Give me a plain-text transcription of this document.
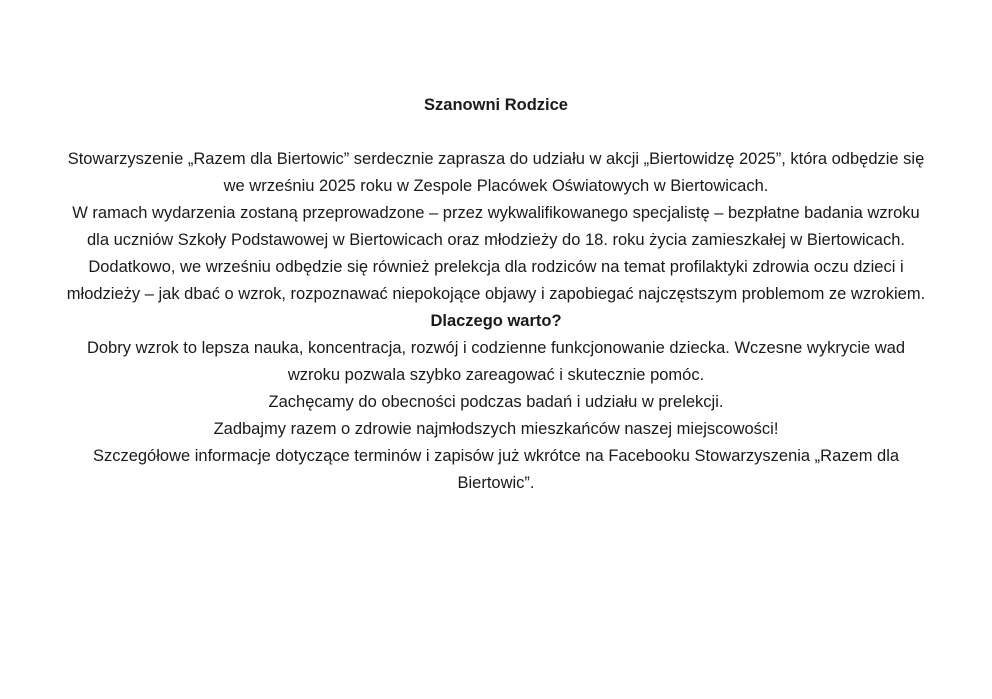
Szanowni Rodzice

Stowarzyszenie „Razem dla Biertowic” serdecznie zaprasza do udziału w akcji „Biertowidzę 2025”, która odbędzie się we wrześniu 2025 roku w Zespole Placówek Oświatowych w Biertowicach.

W ramach wydarzenia zostaną przeprowadzone – przez wykwalifikowanego specjalistę – bezpłatne badania wzroku dla uczniów Szkoły Podstawowej w Biertowicach oraz młodzieży do 18. roku życia zamieszkałej w Biertowicach.

Dodatkowo, we wrześniu odbędzie się również prelekcja dla rodziców na temat profilaktyki zdrowia oczu dzieci i młodzieży – jak dbać o wzrok, rozpoznawać niepokojące objawy i zapobiegać najczęstszym problemom ze wzrokiem.

Dlaczego warto?

Dobry wzrok to lepsza nauka, koncentracja, rozwój i codzienne funkcjonowanie dziecka. Wczesne wykrycie wad wzroku pozwala szybko zareagować i skutecznie pomóc.

Zachęcamy do obecności podczas badań i udziału w prelekcji.

Zadbajmy razem o zdrowie najmłodszych mieszkańców naszej miejscowości!

Szczegółowe informacje dotyczące terminów i zapisów już wkrótce na Facebooku Stowarzyszenia „Razem dla Biertowic”.
